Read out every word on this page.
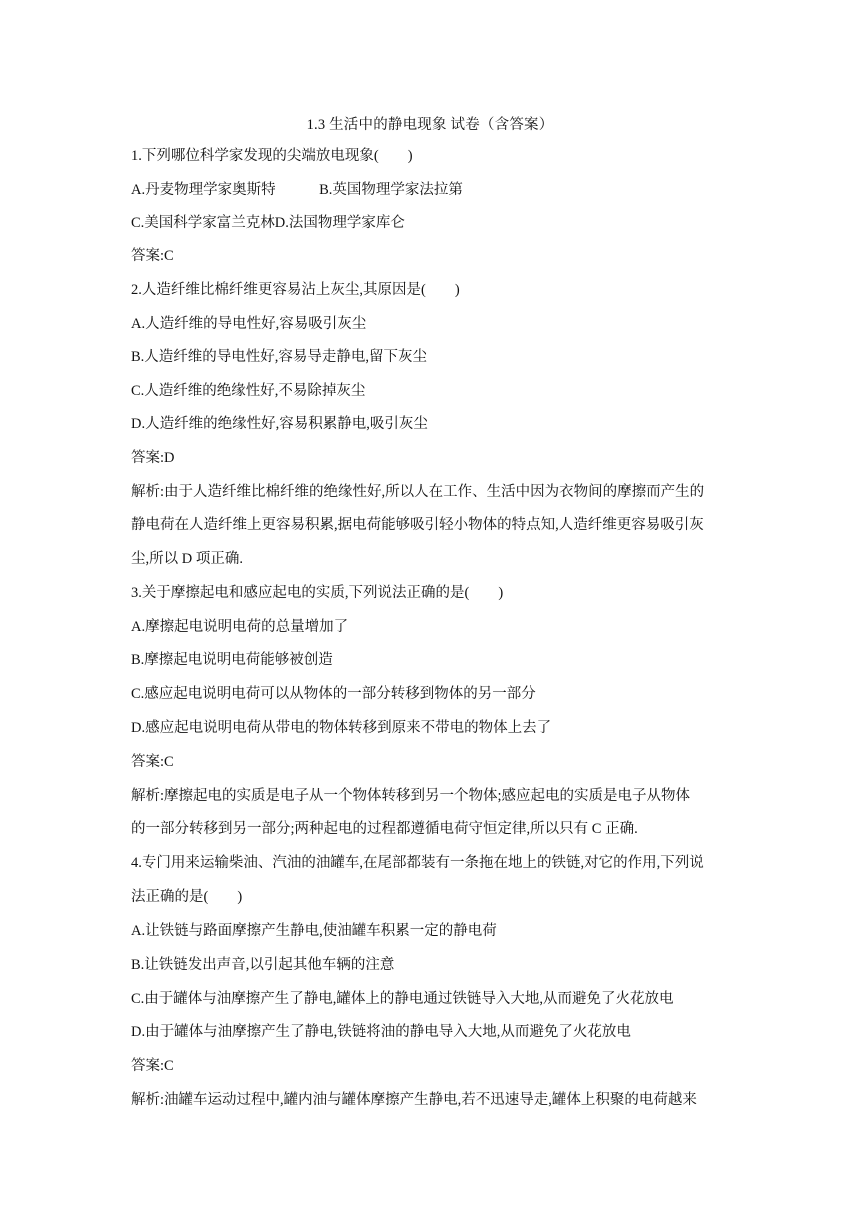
1.3 生活中的静电现象 试卷（含答案）
1.下列哪位科学家发现的尖端放电现象(　　)
A.丹麦物理学家奥斯特　　　B.英国物理学家法拉第
C.美国科学家富兰克林D.法国物理学家库仑
答案:C
2.人造纤维比棉纤维更容易沾上灰尘,其原因是(　　)
A.人造纤维的导电性好,容易吸引灰尘
B.人造纤维的导电性好,容易导走静电,留下灰尘
C.人造纤维的绝缘性好,不易除掉灰尘
D.人造纤维的绝缘性好,容易积累静电,吸引灰尘
答案:D
解析:由于人造纤维比棉纤维的绝缘性好,所以人在工作、生活中因为衣物间的摩擦而产生的
静电荷在人造纤维上更容易积累,据电荷能够吸引轻小物体的特点知,人造纤维更容易吸引灰
尘,所以 D 项正确.
3.关于摩擦起电和感应起电的实质,下列说法正确的是(　　)
A.摩擦起电说明电荷的总量增加了
B.摩擦起电说明电荷能够被创造
C.感应起电说明电荷可以从物体的一部分转移到物体的另一部分
D.感应起电说明电荷从带电的物体转移到原来不带电的物体上去了
答案:C
解析:摩擦起电的实质是电子从一个物体转移到另一个物体;感应起电的实质是电子从物体
的一部分转移到另一部分;两种起电的过程都遵循电荷守恒定律,所以只有 C 正确.
4.专门用来运输柴油、汽油的油罐车,在尾部都装有一条拖在地上的铁链,对它的作用,下列说
法正确的是(　　)
A.让铁链与路面摩擦产生静电,使油罐车积累一定的静电荷
B.让铁链发出声音,以引起其他车辆的注意
C.由于罐体与油摩擦产生了静电,罐体上的静电通过铁链导入大地,从而避免了火花放电
D.由于罐体与油摩擦产生了静电,铁链将油的静电导入大地,从而避免了火花放电
答案:C
解析:油罐车运动过程中,罐内油与罐体摩擦产生静电,若不迅速导走,罐体上积聚的电荷越来
